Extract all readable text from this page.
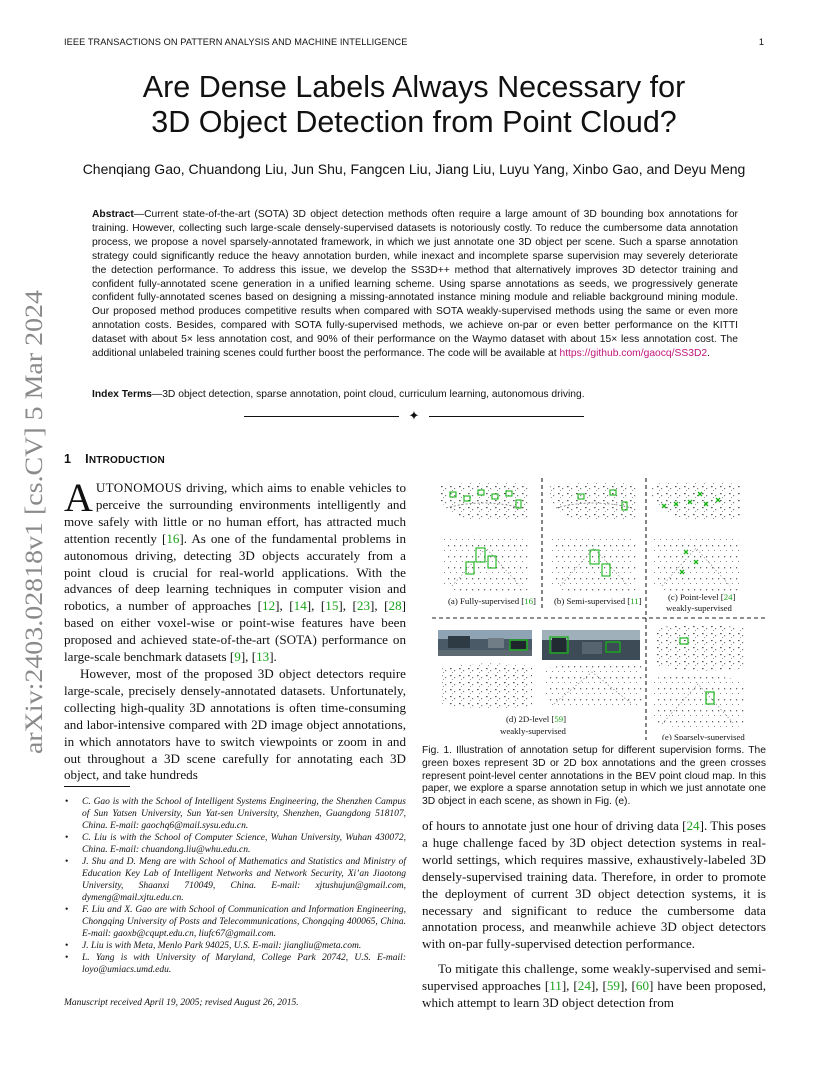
IEEE TRANSACTIONS ON PATTERN ANALYSIS AND MACHINE INTELLIGENCE	1
arXiv:2403.02818v1 [cs.CV] 5 Mar 2024
Are Dense Labels Always Necessary for
3D Object Detection from Point Cloud?
Chenqiang Gao, Chuandong Liu, Jun Shu, Fangcen Liu, Jiang Liu, Luyu Yang, Xinbo Gao, and Deyu Meng
Abstract—Current state-of-the-art (SOTA) 3D object detection methods often require a large amount of 3D bounding box annotations for training. However, collecting such large-scale densely-supervised datasets is notoriously costly. To reduce the cumbersome data annotation process, we propose a novel sparsely-annotated framework, in which we just annotate one 3D object per scene. Such a sparse annotation strategy could significantly reduce the heavy annotation burden, while inexact and incomplete sparse supervision may severely deteriorate the detection performance. To address this issue, we develop the SS3D++ method that alternatively improves 3D detector training and confident fully-annotated scene generation in a unified learning scheme. Using sparse annotations as seeds, we progressively generate confident fully-annotated scenes based on designing a missing-annotated instance mining module and reliable background mining module. Our proposed method produces competitive results when compared with SOTA weakly-supervised methods using the same or even more annotation costs. Besides, compared with SOTA fully-supervised methods, we achieve on-par or even better performance on the KITTI dataset with about 5× less annotation cost, and 90% of their performance on the Waymo dataset with about 15× less annotation cost. The additional unlabeled training scenes could further boost the performance. The code will be available at https://github.com/gaocq/SS3D2.
Index Terms—3D object detection, sparse annotation, point cloud, curriculum learning, autonomous driving.
✦
1 INTRODUCTION

AUTONOMOUS driving, which aims to enable vehicles to perceive the surrounding environments intelligently and move safely with little or no human effort, has attracted much attention recently [16]. As one of the fundamental problems in autonomous driving, detecting 3D objects accurately from a point cloud is crucial for real-world applications. With the advances of deep learning techniques in computer vision and robotics, a number of approaches [12], [14], [15], [23], [28] based on either voxel-wise or point-wise features have been proposed and achieved state-of-the-art (SOTA) performance on large-scale benchmark datasets [9], [13].

However, most of the proposed 3D object detectors require large-scale, precisely densely-annotated datasets. Unfortunately, collecting high-quality 3D annotations is often time-consuming and labor-intensive compared with 2D image object annotations, in which annotators have to switch viewpoints or zoom in and out throughout a 3D scene carefully for annotating each 3D object, and take hundreds

• C. Gao is with the School of Intelligent Systems Engineering, the Shenzhen Campus of Sun Yatsen University, Sun Yat-sen University, Shenzhen, Guangdong 518107, China. E-mail: gaochq6@mail.sysu.edu.cn.
• C. Liu is with the School of Computer Science, Wuhan University, Wuhan 430072, China. E-mail: chuandong.liu@whu.edu.cn.
• J. Shu and D. Meng are with School of Mathematics and Statistics and Ministry of Education Key Lab of Intelligent Networks and Network Security, Xi’an Jiaotong University, Shaanxi 710049, China. E-mail: xjtushujun@gmail.com, dymeng@mail.xjtu.edu.cn.
• F. Liu and X. Gao are with School of Communication and Information Engineering, Chongqing University of Posts and Telecommunications, Chongqing 400065, China. E-mail: gaoxb@cqupt.edu.cn, liufc67@gmail.com.
• J. Liu is with Meta, Menlo Park 94025, U.S. E-mail: jiangliu@meta.com.
• L. Yang is with University of Maryland, College Park 20742, U.S. E-mail: loyo@umiacs.umd.edu.
Manuscript received April 19, 2005; revised August 26, 2015.
(a) Fully-supervised [16] (b) Semi-supervised [11]	(c) Point-level [24]
weakly-supervised
(d) 2D-level [59]
weakly-supervised
(e) Sparsely-supervised
Fig. 1. Illustration of annotation setup for different supervision forms. The green boxes represent 3D or 2D box annotations and the green crosses represent point-level center annotations in the BEV point cloud map. In this paper, we explore a sparse annotation setup in which we just annotate one 3D object in each scene, as shown in Fig. (e).

of hours to annotate just one hour of driving data [24]. This poses a huge challenge faced by 3D object detection systems in real-world settings, which requires massive, exhaustively-labeled 3D densely-supervised training data. Therefore, in order to promote the deployment of current 3D object detection systems, it is necessary and significant to reduce the cumbersome data annotation process, and meanwhile achieve 3D object detectors with on-par fully-supervised detection performance.

To mitigate this challenge, some weakly-supervised and semi-supervised approaches [11], [24], [59], [60] have been proposed, which attempt to learn 3D object detection from
